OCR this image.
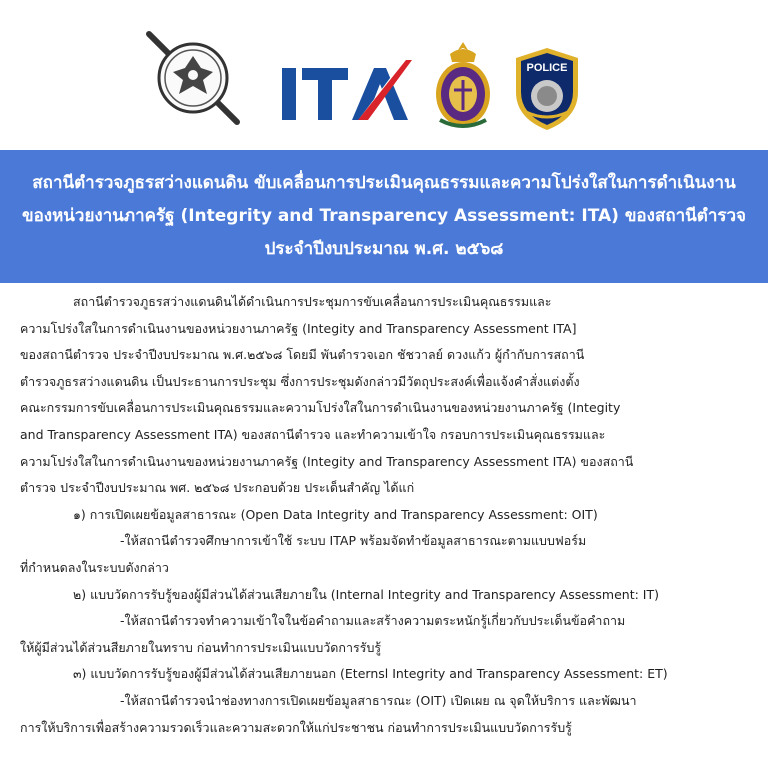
POLICE
สถานีตำรวจภูธรสว่างแดนดิน ขับเคลื่อนการประเมินคุณธรรมและความโปร่งใสในการดำเนินงาน
ของหน่วยงานภาครัฐ (Integrity and Transparency Assessment: ITA) ของสถานีตำรวจ
ประจำปีงบประมาณ พ.ศ. ๒๕๖๘
สถานีตำรวจภูธรสว่างแดนดินได้ดำเนินการประชุมการขับเคลื่อนการประเมินคุณธรรมและ
ความโปร่งใสในการดำเนินงานของหน่วยงานภาครัฐ (Integity and Transparency Assessment ITA]
ของสถานีตำรวจ ประจำปีงบประมาณ พ.ศ.๒๕๖๘ โดยมี พันตำรวจเอก ชัชวาลย์ ดวงแก้ว ผู้กำกับการสถานี
ตำรวจภูธรสว่างแดนดิน เป็นประธานการประชุม ซึ่งการประชุมดังกล่าวมีวัตถุประสงค์เพื่อแจ้งคำสั่งแต่งตั้ง
คณะกรรมการขับเคลื่อนการประเมินคุณธรรมและความโปร่งใสในการดำเนินงานของหน่วยงานภาครัฐ (Integity
and Transparency Assessment ITA) ของสถานีตำรวจ และทำความเข้าใจ กรอบการประเมินคุณธรรมและ
ความโปร่งใสในการดำเนินงานของหน่วยงานภาครัฐ (Integity and Transparency Assessment ITA) ของสถานี
ตำรวจ ประจำปีงบประมาณ พศ. ๒๕๖๘ ประกอบด้วย ประเด็นสำคัญ ได้แก่
๑) การเปิดเผยข้อมูลสาธารณะ (Open Data Integrity and Transparency Assessment: OIT)
-ให้สถานีตำรวจศึกษาการเข้าใช้ ระบบ ITAP พร้อมจัดทำข้อมูลสาธารณะตามแบบฟอร์ม
ที่กำหนดลงในระบบดังกล่าว
๒) แบบวัดการรับรู้ของผู้มีส่วนได้ส่วนเสียภายใน (Internal Integrity and Transparency Assessment: IT)
-ให้สถานีตำรวจทำความเข้าใจในข้อคำถามและสร้างความตระหนักรู้เกี่ยวกับประเด็นข้อคำถาม
ให้ผู้มีส่วนได้ส่วนสียภายในทราบ ก่อนทำการประเมินแบบวัดการรับรู้
๓) แบบวัดการรับรู้ของผู้มีส่วนได้ส่วนเสียภายนอก (Eternsl Integrity and Transparency Assessment: ET)
-ให้สถานีตำรวจนำช่องทางการเปิดเผยข้อมูลสาธารณะ (OIT) เปิดเผย ณ จุดให้บริการ และพัฒนา
การให้บริการเพื่อสร้างความรวดเร็วและความสะดวกให้แก่ประชาชน ก่อนทำการประเมินแบบวัดการรับรู้
